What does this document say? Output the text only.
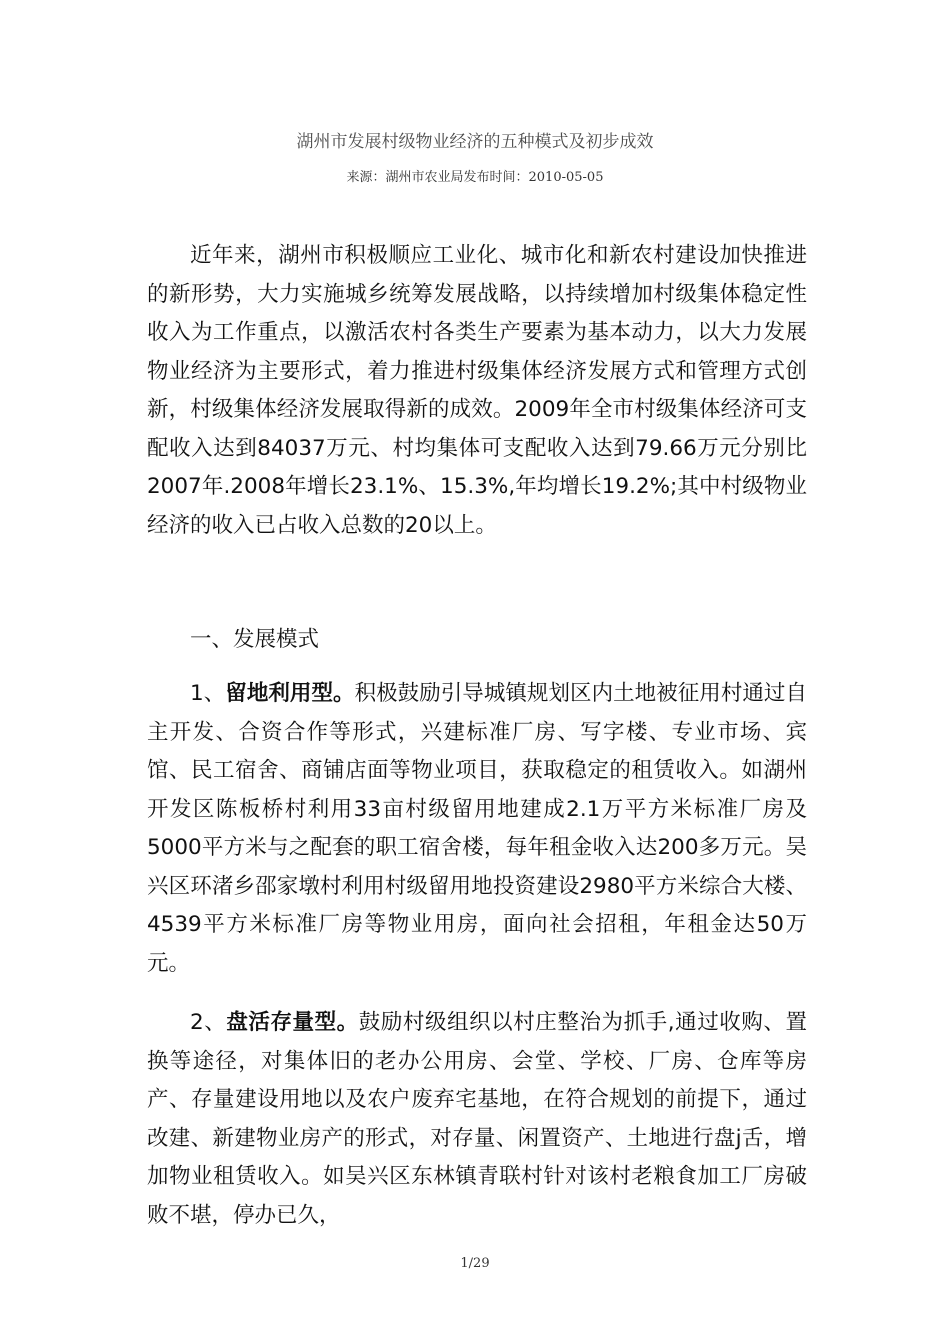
湖州市发展村级物业经济的五种模式及初步成效
来源：湖州市农业局发布时间：2010-05-05

近年来，湖州市积极顺应工业化、城市化和新农村建设加快推进的新形势，大力实施城乡统筹发展战略，以持续增加村级集体稳定性收入为工作重点，以激活农村各类生产要素为基本动力，以大力发展物业经济为主要形式，着力推进村级集体经济发展方式和管理方式创新，村级集体经济发展取得新的成效。2009年全市村级集体经济可支配收入达到84037万元、村均集体可支配收入达到79.66万元分别比2007年.2008年增长23.1%、15.3%,年均增长19.2%;其中村级物业经济的收入已占收入总数的20以上。

一、发展模式

1、留地利用型。积极鼓励引导城镇规划区内土地被征用村通过自主开发、合资合作等形式，兴建标准厂房、写字楼、专业市场、宾馆、民工宿舍、商铺店面等物业项目，获取稳定的租赁收入。如湖州开发区陈板桥村利用33亩村级留用地建成2.1万平方米标准厂房及5000平方米与之配套的职工宿舍楼，每年租金收入达200多万元。吴兴区环渚乡邵家墩村利用村级留用地投资建设2980平方米综合大楼、4539平方米标准厂房等物业用房，面向社会招租，年租金达50万元。

2、盘活存量型。鼓励村级组织以村庄整治为抓手,通过收购、置换等途径，对集体旧的老办公用房、会堂、学校、厂房、仓库等房产、存量建设用地以及农户废弃宅基地，在符合规划的前提下，通过改建、新建物业房产的形式，对存量、闲置资产、土地进行盘j舌，增加物业租赁收入。如吴兴区东林镇青联村针对该村老粮食加工厂房破败不堪，停办已久，

1/29
